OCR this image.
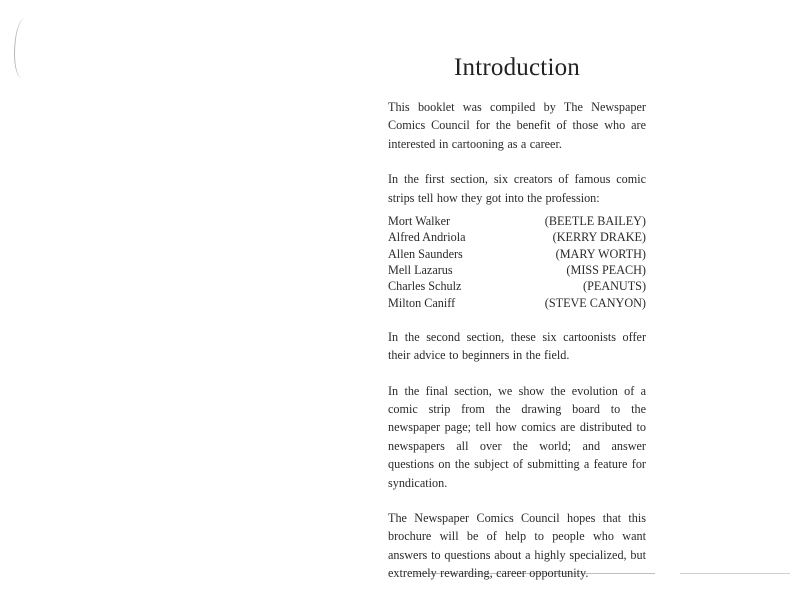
Introduction

This booklet was compiled by The Newspaper Comics Council for the benefit of those who are interested in cartooning as a career.

In the first section, six creators of famous comic strips tell how they got into the profession:

Mort Walker	(BEETLE BAILEY)
Alfred Andriola	(KERRY DRAKE)
Allen Saunders	(MARY WORTH)
Mell Lazarus	(MISS PEACH)
Charles Schulz	(PEANUTS)
Milton Caniff	(STEVE CANYON)

In the second section, these six cartoonists offer their advice to beginners in the field.

In the final section, we show the evolution of a comic strip from the drawing board to the newspaper page; tell how comics are distributed to newspapers all over the world; and answer questions on the subject of submitting a feature for syndication.

The Newspaper Comics Council hopes that this brochure will be of help to people who want answers to questions about a highly specialized, but extremely rewarding, career opportunity.
